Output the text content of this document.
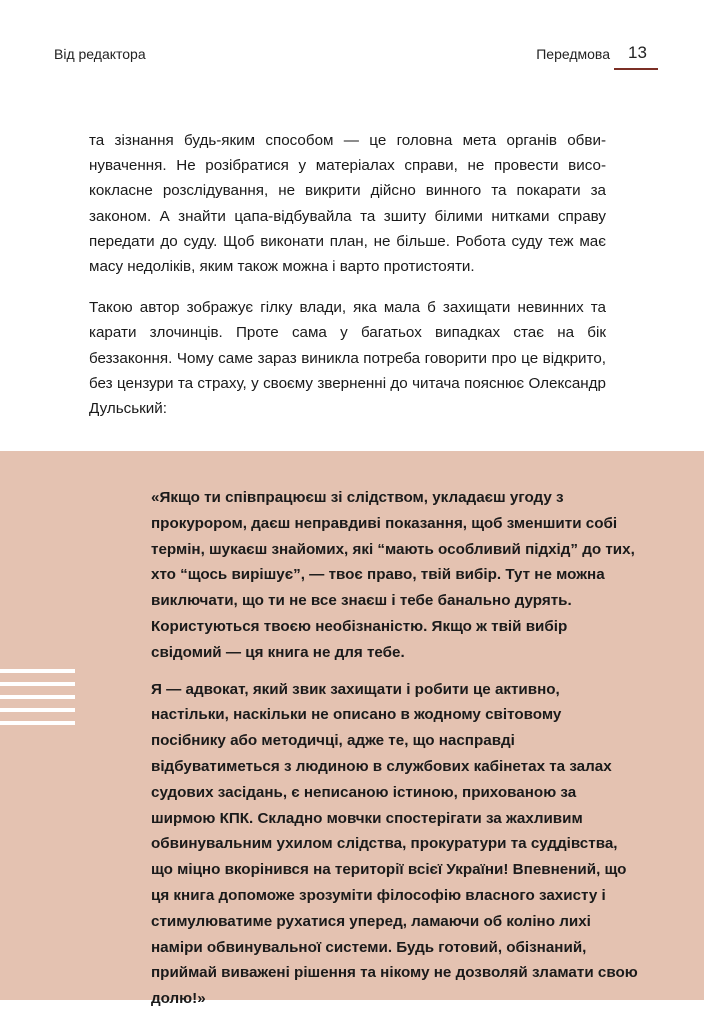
Від редактора	Передмова 13

та зізнання будь-яким способом — це головна мета органів обвинувачення. Не розібратися у матеріалах справи, не провести висококласне розслідування, не викрити дійсно винного та покарати за законом. А знайти цапа-відбувайла та зшиту білими нитками справу передати до суду. Щоб виконати план, не більше. Робота суду теж має масу недоліків, яким також можна і варто протистояти.

Такою автор зображує гілку влади, яка мала б захищати невинних та карати злочинців. Проте сама у багатьох випадках стає на бік беззаконня. Чому саме зараз виникла потреба говорити про це відкрито, без цензури та страху, у своєму зверненні до читача пояснює Олександр Дульський:

«Якщо ти співпрацюєш зі слідством, укладаєш угоду з прокурором, даєш неправдиві показання, щоб зменшити собі термін, шукаєш знайомих, які “мають особливий підхід” до тих, хто “щось вирішує”, — твоє право, твій вибір. Тут не можна виключати, що ти не все знаєш і тебе банально дурять. Користуються твоєю необізнаністю. Якщо ж твій вибір свідомий — ця книга не для тебе.

Я — адвокат, який звик захищати і робити це активно, настільки, наскільки не описано в жодному світовому посібнику або методичці, адже те, що насправді відбуватиметься з людиною в службових кабінетах та залах судових засідань, є неписаною істиною, прихованою за ширмою КПК. Складно мовчки спостерігати за жахливим обвинувальним ухилом слідства, прокуратури та суддівства, що міцно вкорінився на території всієї України! Впевнений, що ця книга допоможе зрозуміти філософію власного захисту і стимулюватиме рухатися уперед, ламаючи об коліно лихі наміри обвинувальної системи. Будь готовий, обізнаний, приймай виважені рішення та нікому не дозволяй зламати свою долю!»
